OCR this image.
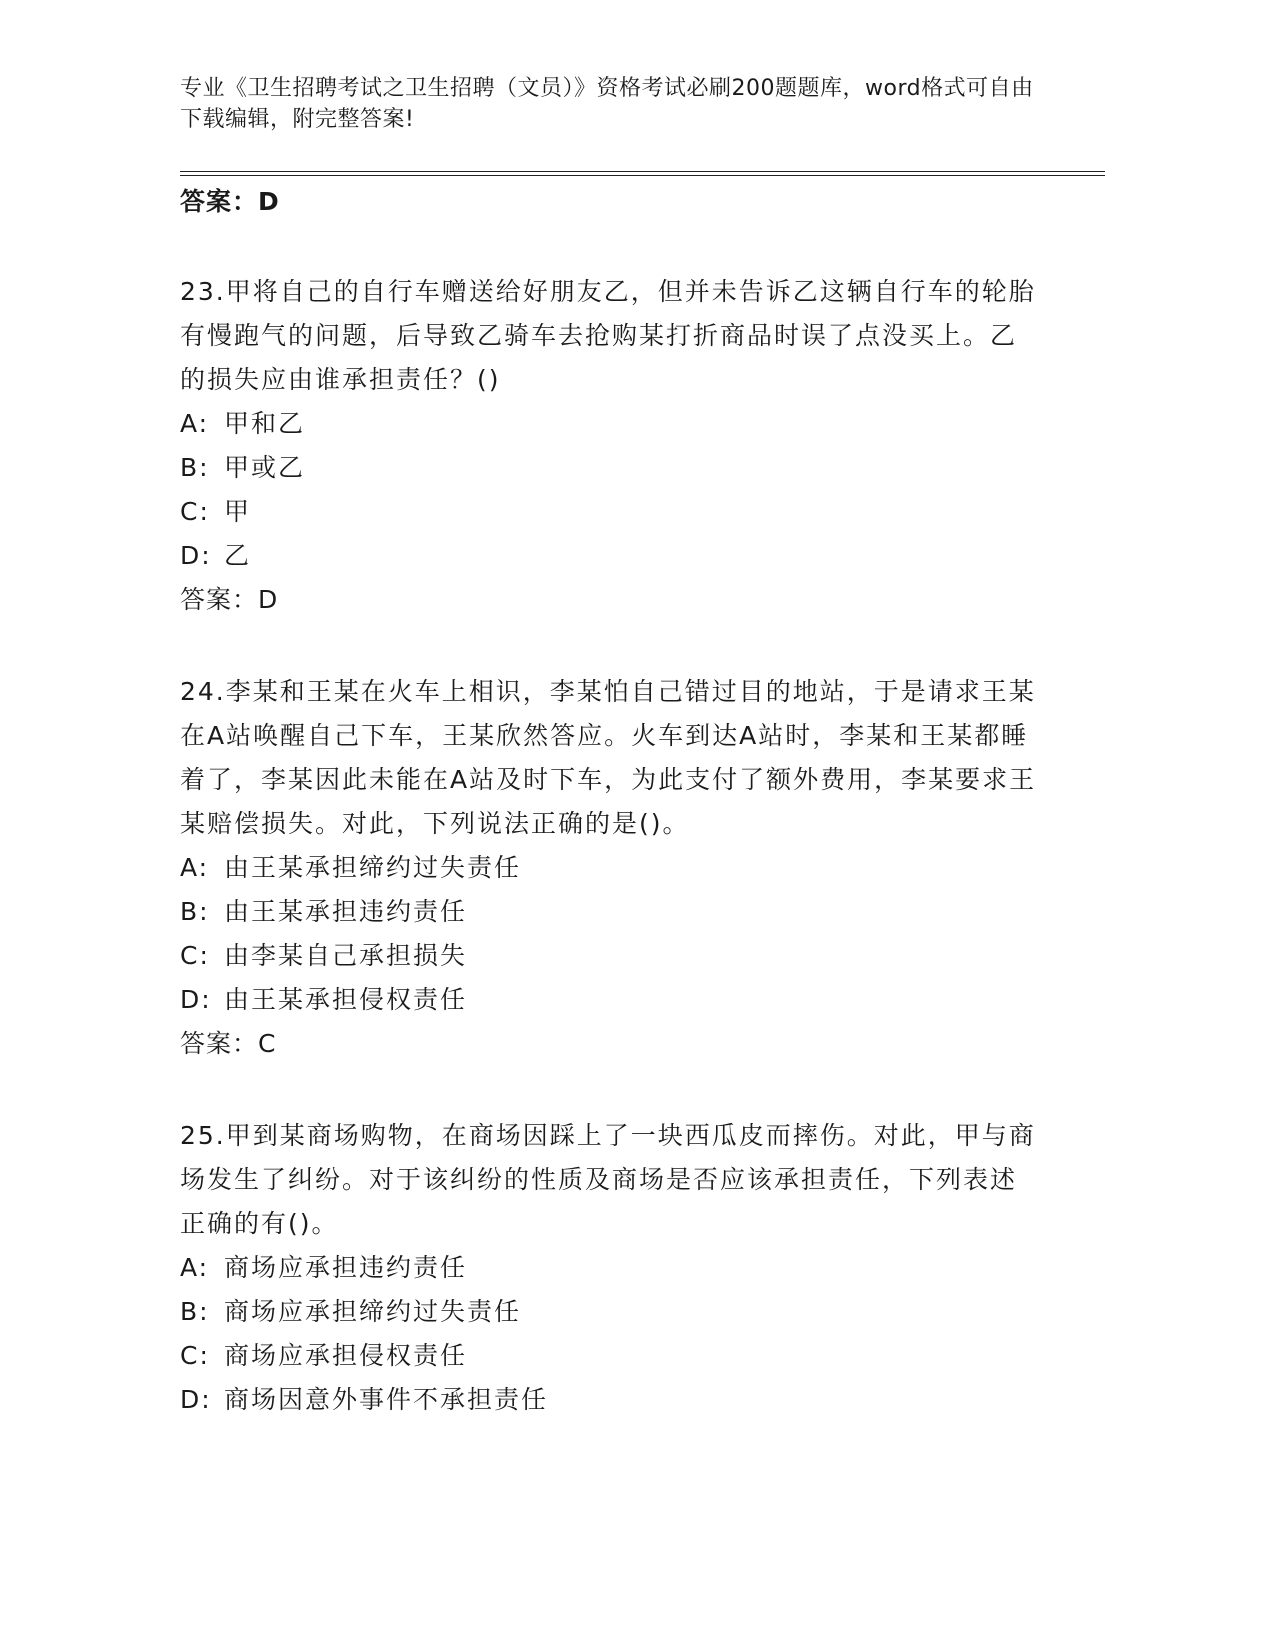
专业《卫生招聘考试之卫生招聘（文员）》资格考试必刷200题题库，word格式可自由下载编辑，附完整答案!
答案：D
23.甲将自己的自行车赠送给好朋友乙，但并未告诉乙这辆自行车的轮胎有慢跑气的问题，后导致乙骑车去抢购某打折商品时误了点没买上。乙的损失应由谁承担责任？()
A: 甲和乙
B: 甲或乙
C: 甲
D: 乙
答案：D
24.李某和王某在火车上相识，李某怕自己错过目的地站，于是请求王某在A站唤醒自己下车，王某欣然答应。火车到达A站时，李某和王某都睡着了，李某因此未能在A站及时下车，为此支付了额外费用，李某要求王某赔偿损失。对此，下列说法正确的是()。
A: 由王某承担缔约过失责任
B: 由王某承担违约责任
C: 由李某自己承担损失
D: 由王某承担侵权责任
答案：C
25.甲到某商场购物，在商场因踩上了一块西瓜皮而摔伤。对此，甲与商场发生了纠纷。对于该纠纷的性质及商场是否应该承担责任，下列表述正确的有()。
A: 商场应承担违约责任
B: 商场应承担缔约过失责任
C: 商场应承担侵权责任
D: 商场因意外事件不承担责任
